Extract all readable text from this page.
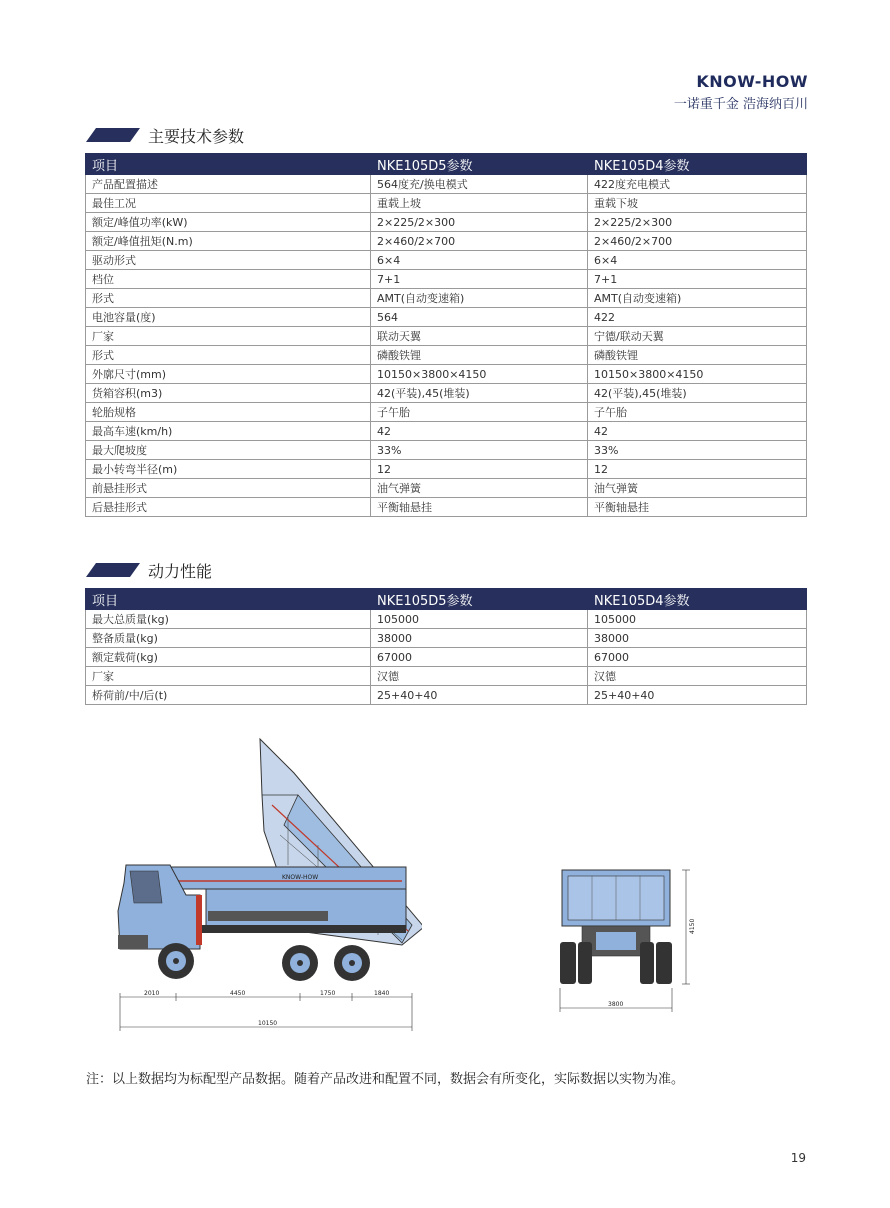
KNOW-HOW
一诺重千金 浩海纳百川
主要技术参数
项目	NKE105D5参数	NKE105D4参数
产品配置描述	564度充/换电模式	422度充电模式
最佳工况	重载上坡	重载下坡
额定/峰值功率(kW)	2×225/2×300	2×225/2×300
额定/峰值扭矩(N.m)	2×460/2×700	2×460/2×700
驱动形式	6×4	6×4
档位	7+1	7+1
形式	AMT(自动变速箱)	AMT(自动变速箱)
电池容量(度)	564	422
厂家	联动天翼	宁德/联动天翼
形式	磷酸铁锂	磷酸铁锂
外廓尺寸(mm)	10150×3800×4150	10150×3800×4150
货箱容积(m3)	42(平装),45(堆装)	42(平装),45(堆装)
轮胎规格	子午胎	子午胎
最高车速(km/h)	42	42
最大爬坡度	33%	33%
最小转弯半径(m)	12	12
前悬挂形式	油气弹簧	油气弹簧
后悬挂形式	平衡轴悬挂	平衡轴悬挂
动力性能
项目	NKE105D5参数	NKE105D4参数
最大总质量(kg)	105000	105000
整备质量(kg)	38000	38000
额定载荷(kg)	67000	67000
厂家	汉德	汉德
桥荷前/中/后(t)	25+40+40	25+40+40
KNOW-HOW
2010	4450	1750	1840
10150
3800
4150
注：以上数据均为标配型产品数据。随着产品改进和配置不同，数据会有所变化，实际数据以实物为准。
19
